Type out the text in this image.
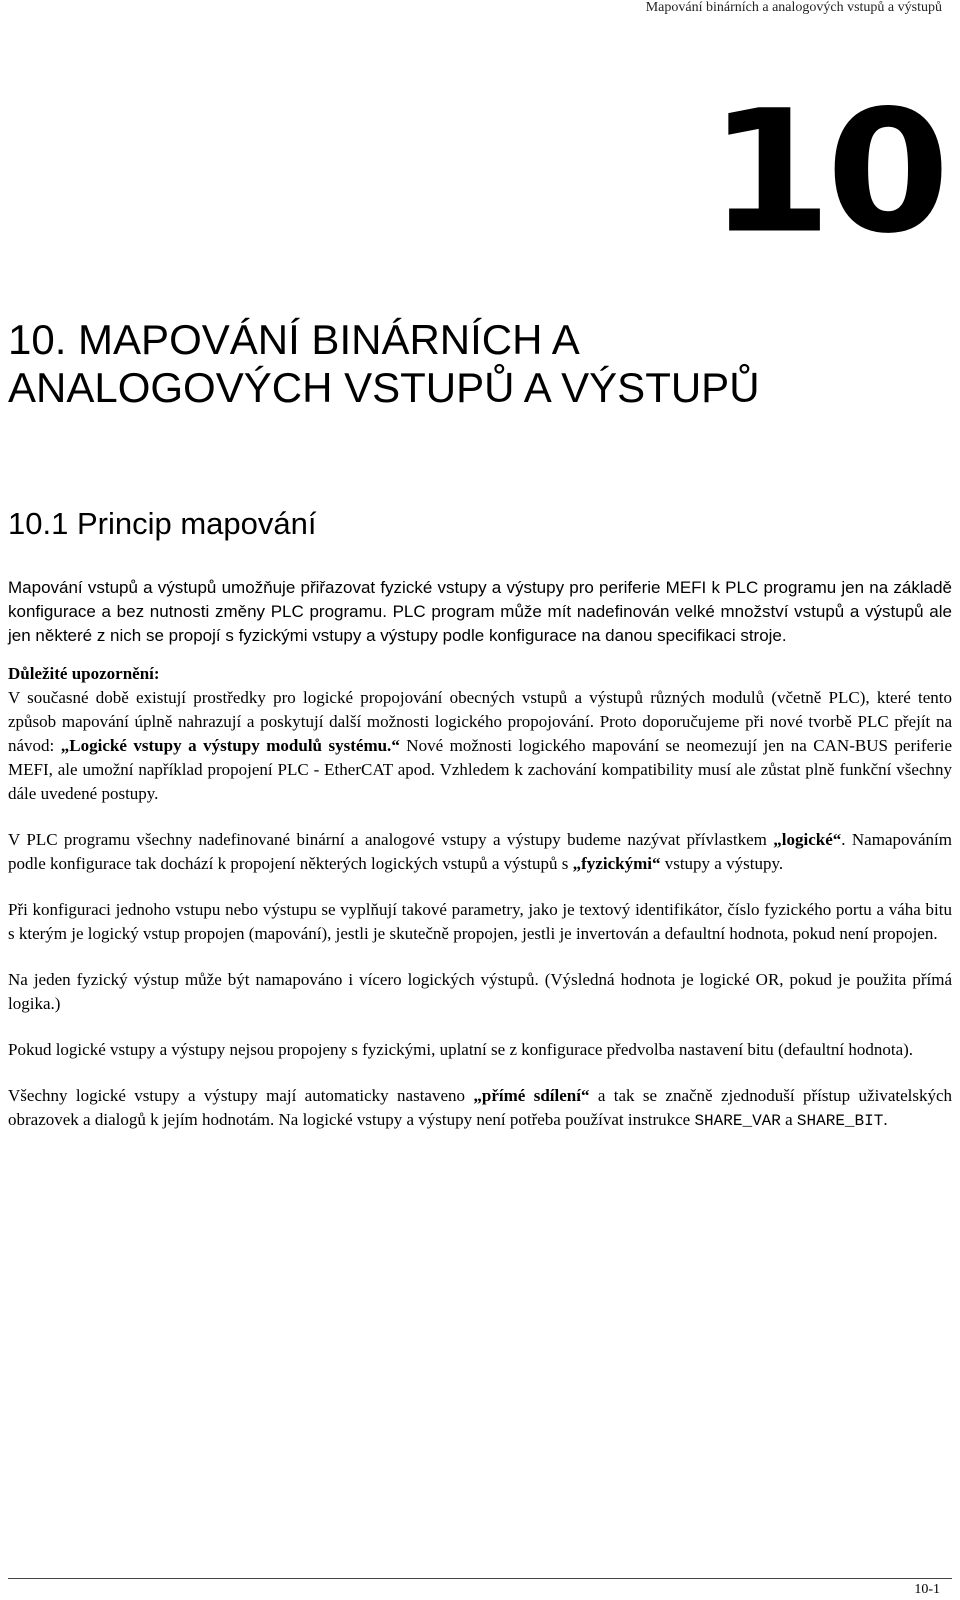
Mapování binárních a analogových vstupů a výstupů
10
10. MAPOVÁNÍ BINÁRNÍCH A
ANALOGOVÝCH VSTUPŮ A VÝSTUPŮ
10.1 Princip mapování

Mapování vstupů a výstupů umožňuje přiřazovat fyzické vstupy a výstupy pro periferie MEFI k PLC programu jen na základě konfigurace a bez nutnosti změny PLC programu. PLC program může mít nadefinován velké množství vstupů a výstupů ale jen některé z nich se propojí s fyzickými vstupy a výstupy podle konfigurace na danou specifikaci stroje.

Důležité upozornění:

V současné době existují prostředky pro logické propojování obecných vstupů a výstupů různých modulů (včetně PLC), které tento způsob mapování úplně nahrazují a poskytují další možnosti logického propojování. Proto doporučujeme při nové tvorbě PLC přejít na návod: „Logické vstupy a výstupy modulů systému.“ Nové možnosti logického mapování se neomezují jen na CAN-BUS periferie MEFI, ale umožní například propojení PLC - EtherCAT apod. Vzhledem k zachování kompatibility musí ale zůstat plně funkční všechny dále uvedené postupy.

V PLC programu všechny nadefinované binární a analogové vstupy a výstupy budeme nazývat přívlastkem „logické“. Namapováním podle konfigurace tak dochází k propojení některých logických vstupů a výstupů s „fyzickými“ vstupy a výstupy.

Při konfiguraci jednoho vstupu nebo výstupu se vyplňují takové parametry, jako je textový identifikátor, číslo fyzického portu a váha bitu s kterým je logický vstup propojen (mapování), jestli je skutečně propojen, jestli je invertován a defaultní hodnota, pokud není propojen.

Na jeden fyzický výstup může být namapováno i vícero logických výstupů. (Výsledná hodnota je logické OR, pokud je použita přímá logika.)

Pokud logické vstupy a výstupy nejsou propojeny s fyzickými, uplatní se z konfigurace předvolba nastavení bitu (defaultní hodnota).

Všechny logické vstupy a výstupy mají automaticky nastaveno „přímé sdílení“ a tak se značně zjednoduší přístup uživatelských obrazovek a dialogů k jejím hodnotám. Na logické vstupy a výstupy není potřeba používat instrukce SHARE_VAR a SHARE_BIT.

10-1
